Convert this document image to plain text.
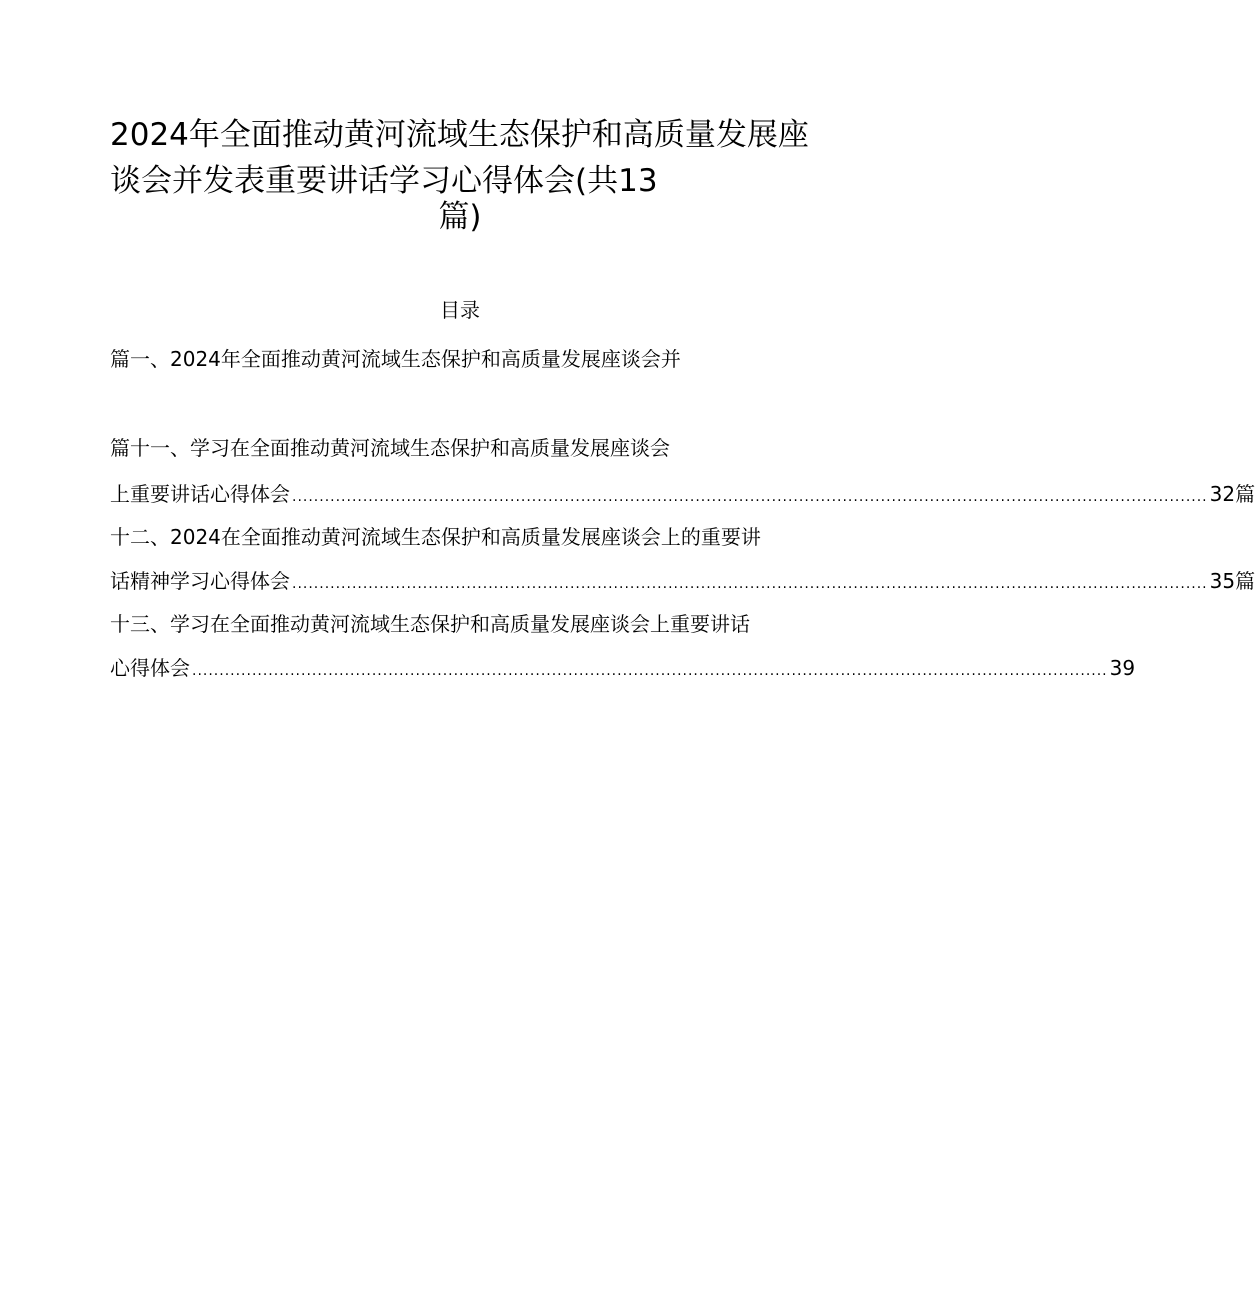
2024年全面推动黄河流域生态保护和高质量发展座
谈会并发表重要讲话学习心得体会(共13
篇)
目录
篇一、2024年全面推动黄河流域生态保护和高质量发展座谈会并
篇十一、学习在全面推动黄河流域生态保护和高质量发展座谈会
上重要讲话心得体会 ........................................................................................................................................................................ 32篇
十二、2024在全面推动黄河流域生态保护和高质量发展座谈会上的重要讲
话精神学习心得体会 ........................................................................................................................................................................ 35篇
十三、学习在全面推动黄河流域生态保护和高质量发展座谈会上重要讲话
心得体会 ........................................................................................................................................................................ 39
